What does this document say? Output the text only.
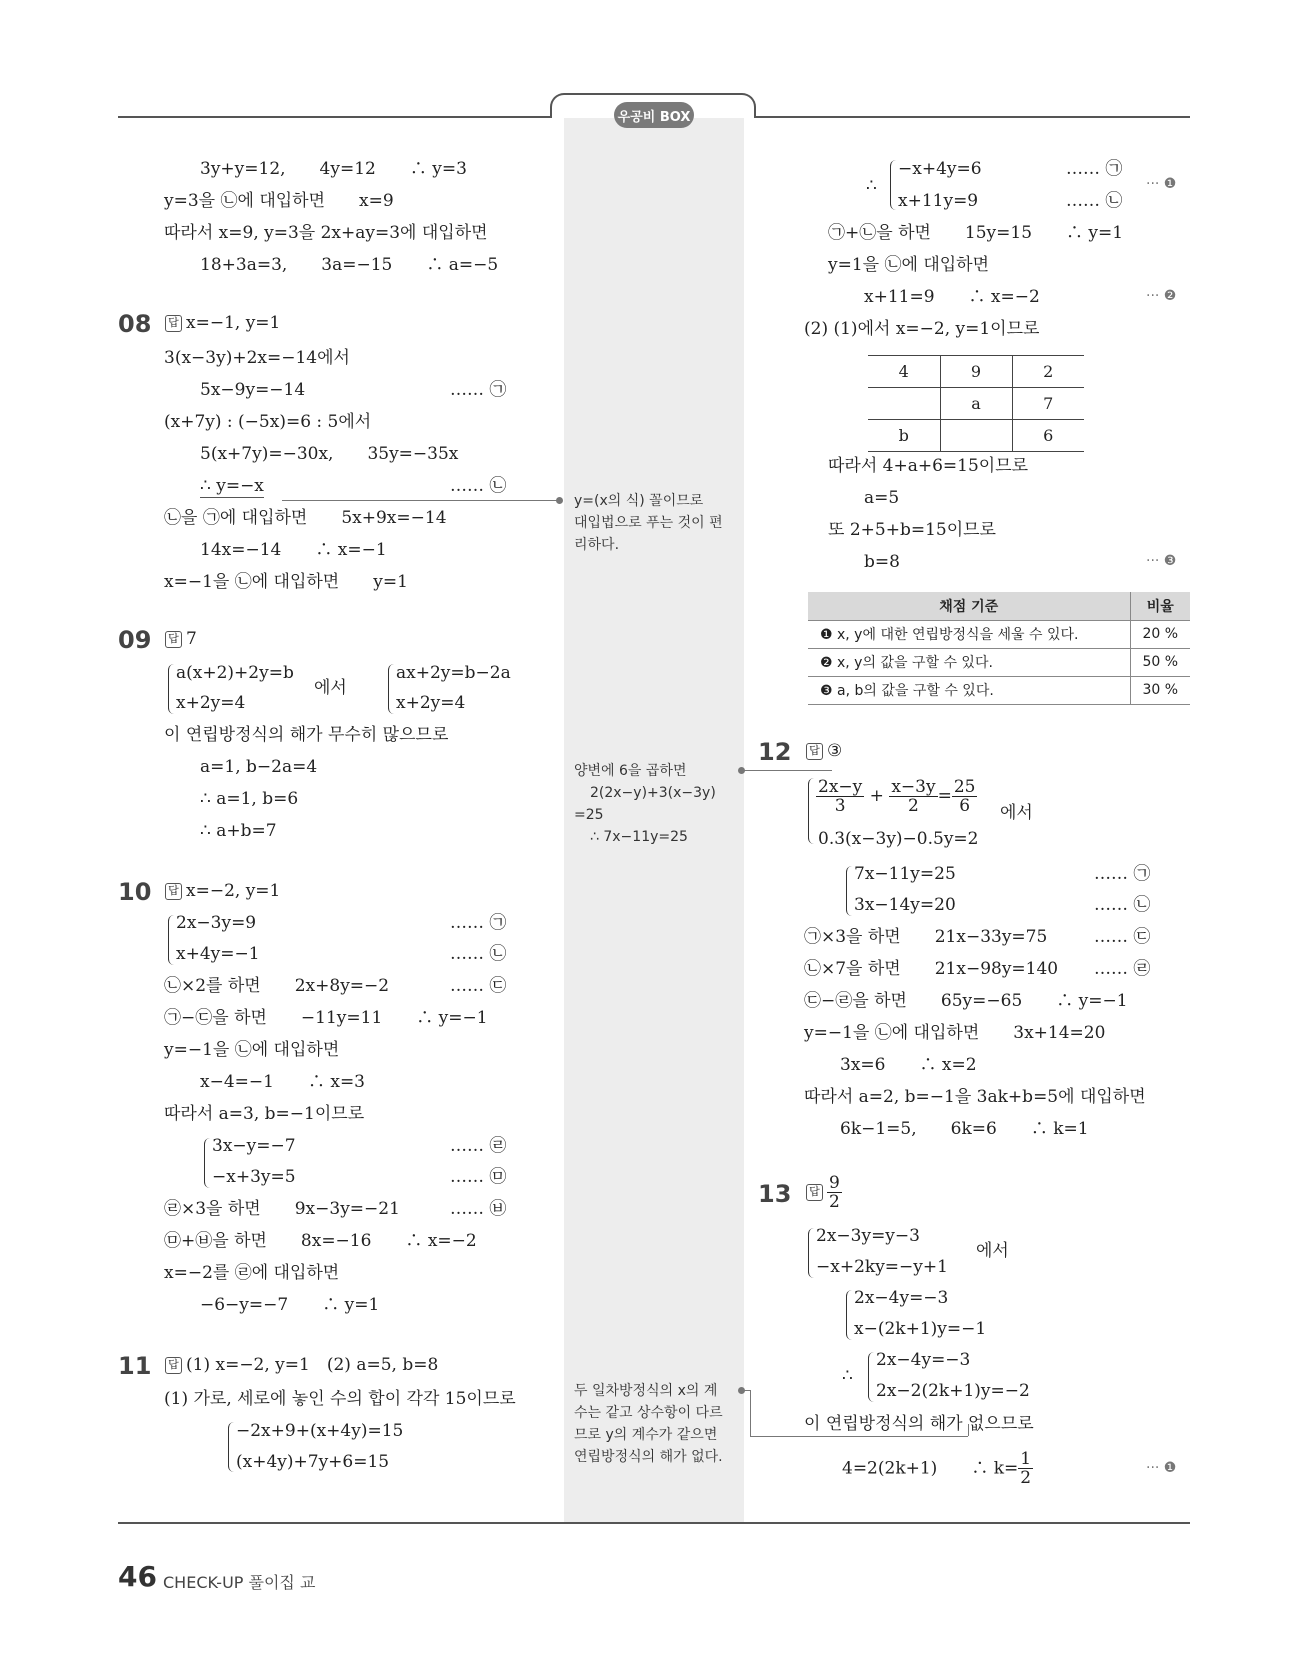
우공비 BOX
3y+y=12,　　4y=12　　∴ y=3
y=3을 ㉡에 대입하면　　x=9
따라서 x=9, y=3을 2x+ay=3에 대입하면
18+3a=3,　　3a=−15　　∴ a=−5
08 답 x=−1, y=1
3(x−3y)+2x=−14에서
5x−9y=−14	…… ㉠
(x+7y) : (−5x)=6 : 5에서
5(x+7y)=−30x,　　35y=−35x
∴ y=−x	…… ㉡
㉡을 ㉠에 대입하면　　5x+9x=−14
14x=−14　　∴ x=−1
x=−1을 ㉡에 대입하면　　y=1
09 답 7
a(x+2)+2y=b
x+2y=4
에서
ax+2y=b−2a
x+2y=4
이 연립방정식의 해가 무수히 많으므로
a=1, b−2a=4
∴ a=1, b=6
∴ a+b=7
10 답 x=−2, y=1
2x−3y=9
x+4y=−1
…… ㉠
…… ㉡
㉡×2를 하면　　2x+8y=−2	…… ㉢
㉠−㉢을 하면　　−11y=11　　∴ y=−1
y=−1을 ㉡에 대입하면
x−4=−1　　∴ x=3
따라서 a=3, b=−1이므로
3x−y=−7
−x+3y=5
…… ㉣
…… ㉤
㉣×3을 하면　　9x−3y=−21	…… ㉥
㉤+㉥을 하면　　8x=−16　　∴ x=−2
x=−2를 ㉣에 대입하면
−6−y=−7　　∴ y=1
11 답 (1) x=−2, y=1　(2) a=5, b=8
(1) 가로, 세로에 놓인 수의 합이 각각 15이므로
−2x+9+(x+4y)=15
(x+4y)+7y+6=15
y=(x의 식) 꼴이므로
대입법으로 푸는 것이 편
리하다.
양변에 6을 곱하면
2(2x−y)+3(x−3y)
=25
∴ 7x−11y=25
두 일차방정식의 x의 계
수는 같고 상수항이 다르
므로 y의 계수가 같으면
연립방정식의 해가 없다.
∴
−x+4y=6
x+11y=9
…… ㉠
…… ㉡
··· ❶
㉠+㉡을 하면　　15y=15　　∴ y=1
y=1을 ㉡에 대입하면
x+11=9　　∴ x=−2	··· ❷
(2) (1)에서 x=−2, y=1이므로
4	9	2
	a	7
b		6
따라서 4+a+6=15이므로
a=5
또 2+5+b=15이므로
b=8	··· ❸
채점 기준	비율
❶ x, y에 대한 연립방정식을 세울 수 있다.	20 %
❷ x, y의 값을 구할 수 있다.	50 %
❸ a, b의 값을 구할 수 있다.	30 %
12 답 ③
$\frac{2x-y}{3} + \frac{x-3y}{2} = \frac{25}{6}$ 에서
0.3(x−3y)−0.5y=2
7x−11y=25
3x−14y=20
…… ㉠
…… ㉡
㉠×3을 하면　　21x−33y=75	…… ㉢
㉡×7을 하면　　21x−98y=140 …… ㉣
㉢−㉣을 하면　　65y=−65　　∴ y=−1
y=−1을 ㉡에 대입하면　　3x+14=20
3x=6　　∴ x=2
따라서 a=2, b=−1을 3ak+b=5에 대입하면
6k−1=5,　　6k=6　　∴ k=1
13 답 $\frac{9}{2}$
2x−3y=y−3
−x+2ky=−y+1
에서
2x−4y=−3
x−(2k+1)y=−1
∴
2x−4y=−3
2x−2(2k+1)y=−2
이 연립방정식의 해가 없으므로
4=2(2k+1)　　∴ $k= \frac{1}{2}$	··· ❶
46 CHECK-UP 풀이집 교
